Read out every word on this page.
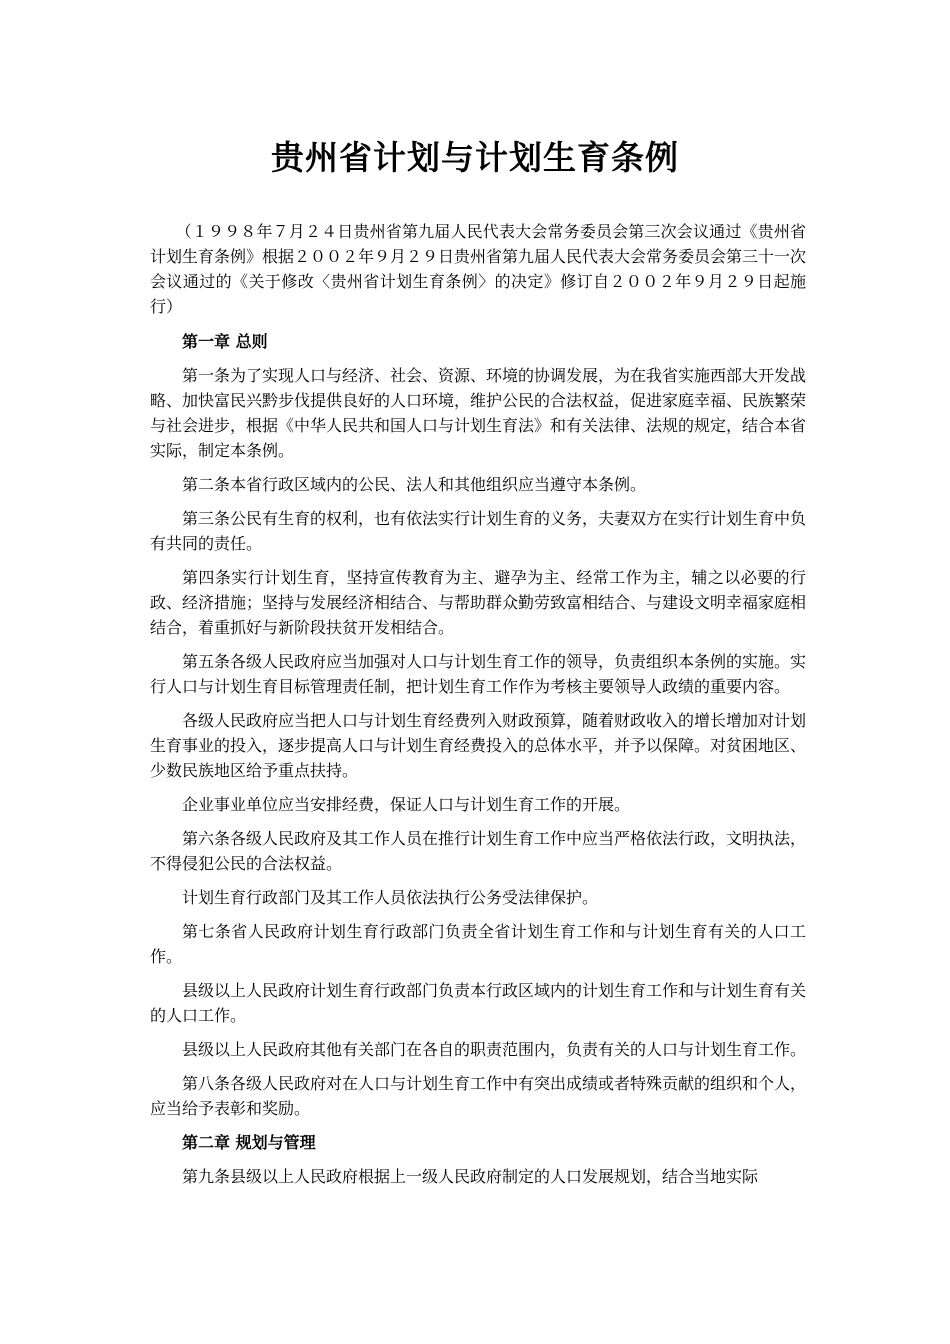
贵州省计划与计划生育条例

（１９９８年７月２４日贵州省第九届人民代表大会常务委员会第三次会议通过《贵州省计划生育条例》根据２００２年９月２９日贵州省第九届人民代表大会常务委员会第三十一次会议通过的《关于修改〈贵州省计划生育条例〉的决定》修订自２００２年９月２９日起施行）

第一章 总则

第一条为了实现人口与经济、社会、资源、环境的协调发展，为在我省实施西部大开发战略、加快富民兴黔步伐提供良好的人口环境，维护公民的合法权益，促进家庭幸福、民族繁荣与社会进步，根据《中华人民共和国人口与计划生育法》和有关法律、法规的规定，结合本省实际，制定本条例。

第二条本省行政区域内的公民、法人和其他组织应当遵守本条例。

第三条公民有生育的权利，也有依法实行计划生育的义务，夫妻双方在实行计划生育中负有共同的责任。

第四条实行计划生育，坚持宣传教育为主、避孕为主、经常工作为主，辅之以必要的行政、经济措施；坚持与发展经济相结合、与帮助群众勤劳致富相结合、与建设文明幸福家庭相结合，着重抓好与新阶段扶贫开发相结合。

第五条各级人民政府应当加强对人口与计划生育工作的领导，负责组织本条例的实施。实行人口与计划生育目标管理责任制，把计划生育工作作为考核主要领导人政绩的重要内容。

各级人民政府应当把人口与计划生育经费列入财政预算，随着财政收入的增长增加对计划生育事业的投入，逐步提高人口与计划生育经费投入的总体水平，并予以保障。对贫困地区、少数民族地区给予重点扶持。

企业事业单位应当安排经费，保证人口与计划生育工作的开展。

第六条各级人民政府及其工作人员在推行计划生育工作中应当严格依法行政，文明执法，不得侵犯公民的合法权益。

计划生育行政部门及其工作人员依法执行公务受法律保护。

第七条省人民政府计划生育行政部门负责全省计划生育工作和与计划生育有关的人口工作。

县级以上人民政府计划生育行政部门负责本行政区域内的计划生育工作和与计划生育有关的人口工作。

县级以上人民政府其他有关部门在各自的职责范围内，负责有关的人口与计划生育工作。

第八条各级人民政府对在人口与计划生育工作中有突出成绩或者特殊贡献的组织和个人，应当给予表彰和奖励。

第二章 规划与管理

第九条县级以上人民政府根据上一级人民政府制定的人口发展规划，结合当地实际
